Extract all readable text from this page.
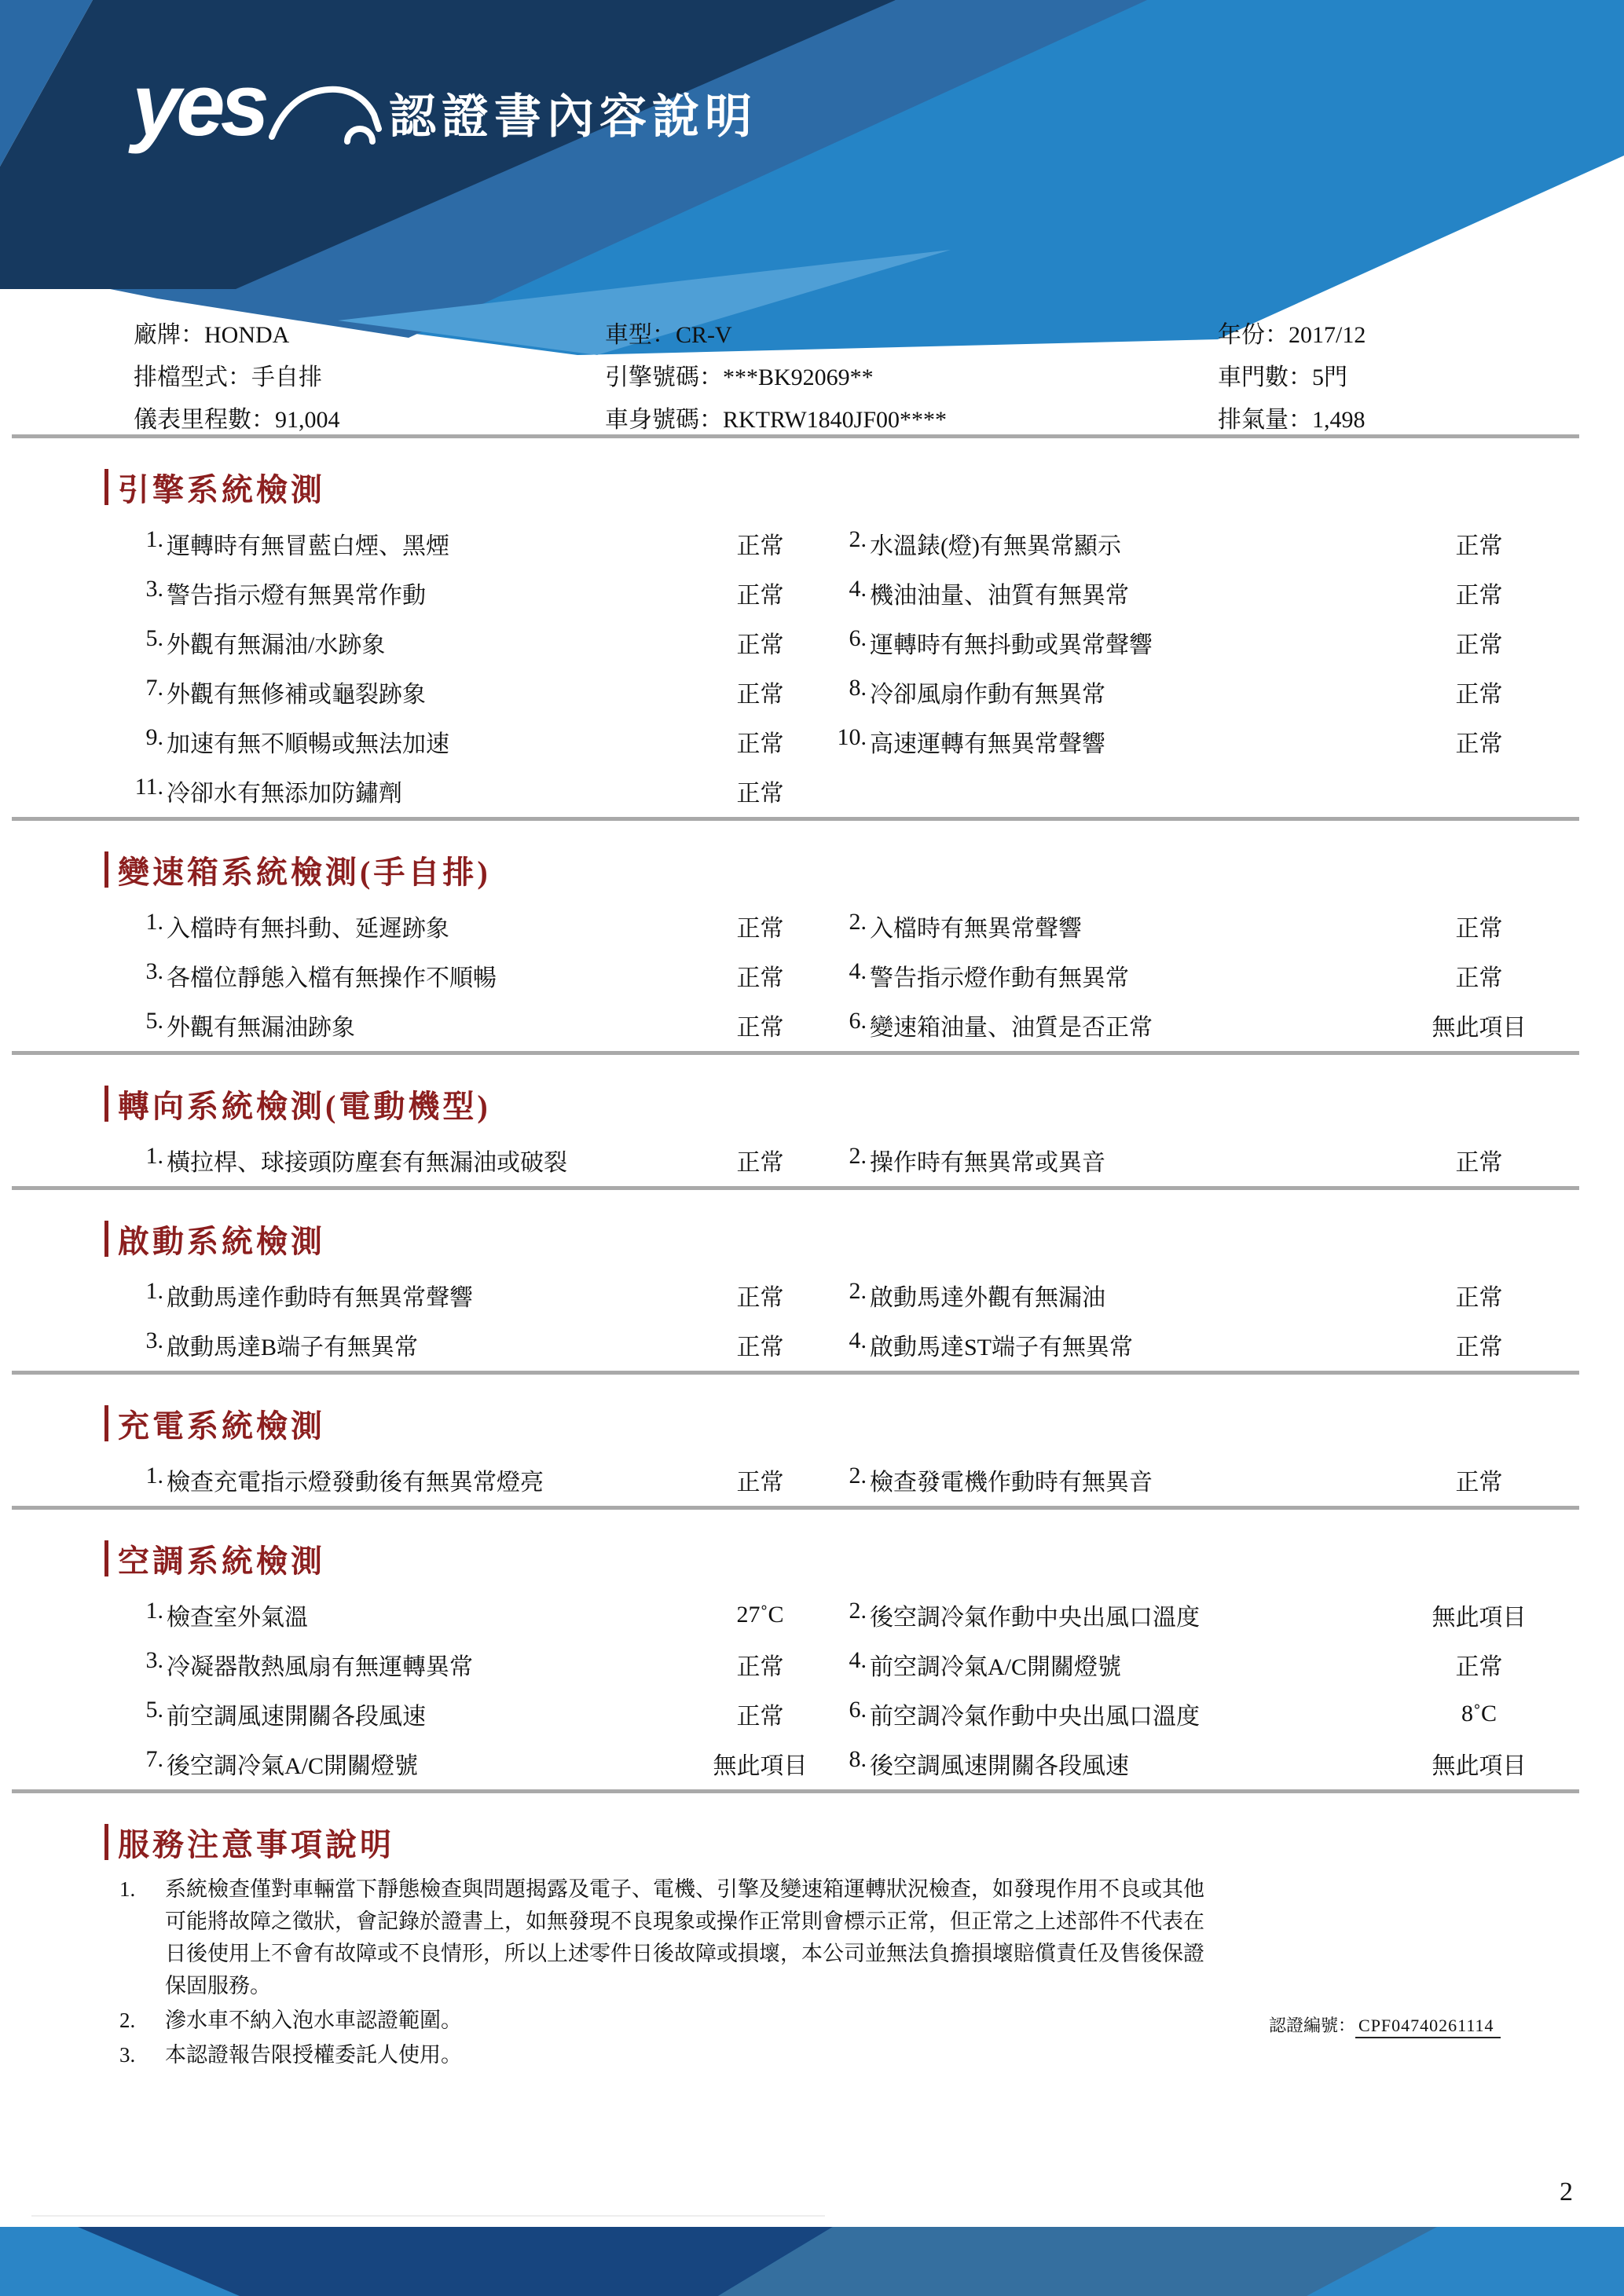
yes	認證書內容說明
廠牌：HONDA	車型：CR-V	年份：2017/12
排檔型式：手自排	引擎號碼：***BK92069**	車門數：5門
儀表里程數：91,004	車身號碼：RKTRW1840JF00****	排氣量：1,498
引擎系統檢測
1. 運轉時有無冒藍白煙、黑煙	正常	2. 水溫錶(燈)有無異常顯示	正常
3. 警告指示燈有無異常作動	正常	4. 機油油量、油質有無異常	正常
5. 外觀有無漏油/水跡象	正常	6. 運轉時有無抖動或異常聲響	正常
7. 外觀有無修補或龜裂跡象	正常	8. 冷卻風扇作動有無異常	正常
9. 加速有無不順暢或無法加速	正常	10. 高速運轉有無異常聲響	正常
11. 冷卻水有無添加防鏽劑	正常
變速箱系統檢測(手自排)
1. 入檔時有無抖動、延遲跡象	正常	2. 入檔時有無異常聲響	正常
3. 各檔位靜態入檔有無操作不順暢	正常	4. 警告指示燈作動有無異常	正常
5. 外觀有無漏油跡象	正常	6. 變速箱油量、油質是否正常	無此項目
轉向系統檢測(電動機型)
1. 橫拉桿、球接頭防塵套有無漏油或破裂	正常	2. 操作時有無異常或異音	正常
啟動系統檢測
1. 啟動馬達作動時有無異常聲響	正常	2. 啟動馬達外觀有無漏油	正常
3. 啟動馬達B端子有無異常	正常	4. 啟動馬達ST端子有無異常	正常
充電系統檢測
1. 檢查充電指示燈發動後有無異常燈亮	正常	2. 檢查發電機作動時有無異音	正常
空調系統檢測
1. 檢查室外氣溫	27˚C	2. 後空調冷氣作動中央出風口溫度	無此項目
3. 冷凝器散熱風扇有無運轉異常	正常	4. 前空調冷氣A/C開關燈號	正常
5. 前空調風速開關各段風速	正常	6. 前空調冷氣作動中央出風口溫度	8˚C
7. 後空調冷氣A/C開關燈號	無此項目	8. 後空調風速開關各段風速	無此項目
服務注意事項說明
1.	系統檢查僅對車輛當下靜態檢查與問題揭露及電子、電機、引擎及變速箱運轉狀況檢查，如發現作用不良或其他可能將故障之徵狀，會記錄於證書上，如無發現不良現象或操作正常則會標示正常，但正常之上述部件不代表在日後使用上不會有故障或不良情形，所以上述零件日後故障或損壞，本公司並無法負擔損壞賠償責任及售後保證保固服務。
2.	滲水車不納入泡水車認證範圍。
3.	本認證報告限授權委託人使用。
認證編號： CPF04740261114
2
